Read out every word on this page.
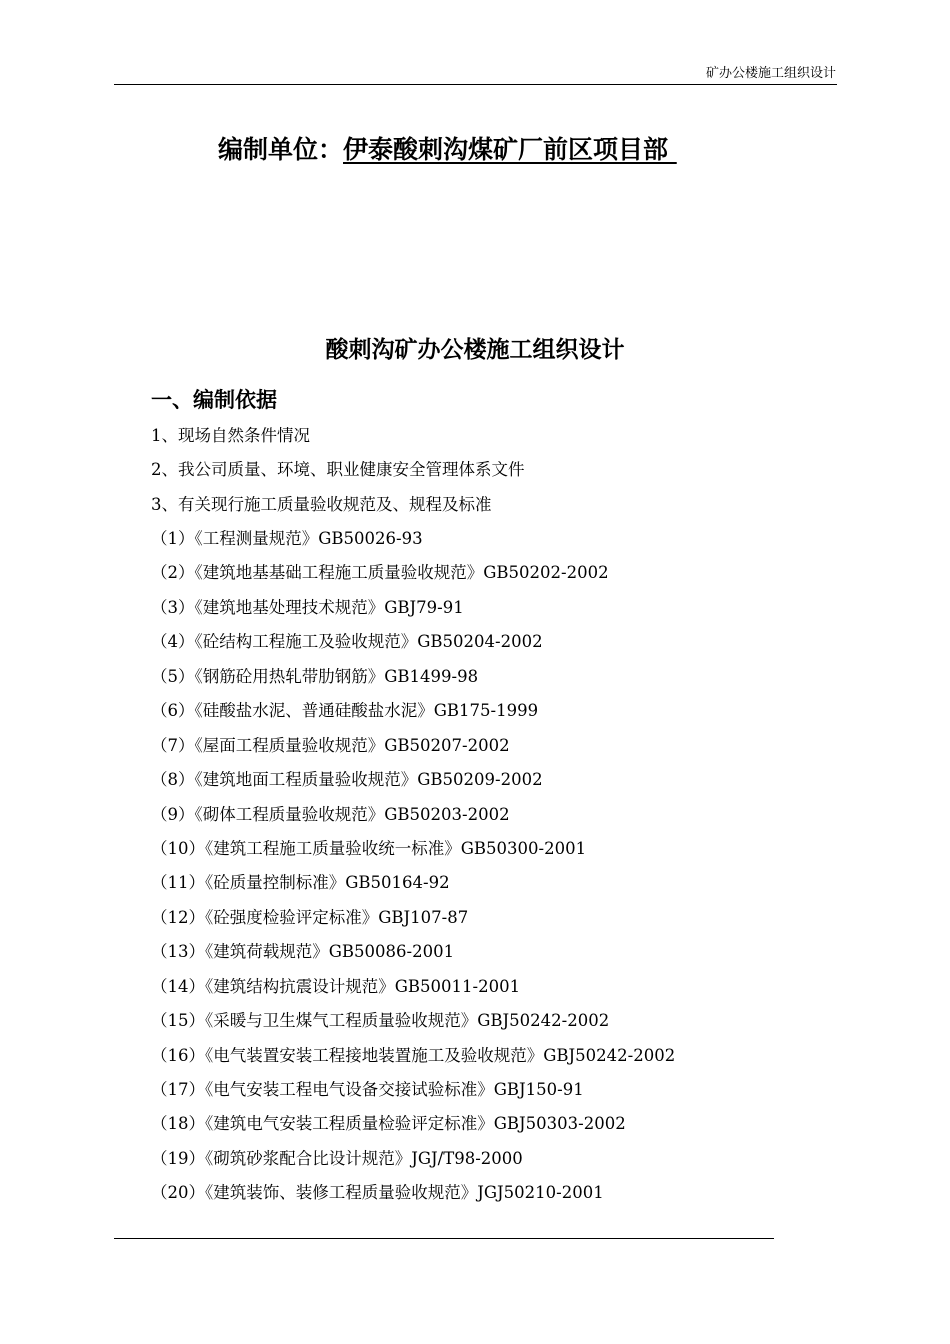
矿办公楼施工组织设计
编制单位：伊泰酸刺沟煤矿厂前区项目部
酸刺沟矿办公楼施工组织设计
一、编制依据
1、现场自然条件情况
2、我公司质量、环境、职业健康安全管理体系文件
3、有关现行施工质量验收规范及、规程及标准
（1）《工程测量规范》GB50026-93
（2）《建筑地基基础工程施工质量验收规范》GB50202-2002
（3）《建筑地基处理技术规范》GBJ79-91
（4）《砼结构工程施工及验收规范》GB50204-2002
（5）《钢筋砼用热轧带肋钢筋》GB1499-98
（6）《硅酸盐水泥、普通硅酸盐水泥》GB175-1999
（7）《屋面工程质量验收规范》GB50207-2002
（8）《建筑地面工程质量验收规范》GB50209-2002
（9）《砌体工程质量验收规范》GB50203-2002
（10）《建筑工程施工质量验收统一标准》GB50300-2001
（11）《砼质量控制标准》GB50164-92
（12）《砼强度检验评定标准》GBJ107-87
（13）《建筑荷载规范》GB50086-2001
（14）《建筑结构抗震设计规范》GB50011-2001
（15）《采暖与卫生煤气工程质量验收规范》GBJ50242-2002
（16）《电气装置安装工程接地装置施工及验收规范》GBJ50242-2002
（17）《电气安装工程电气设备交接试验标准》GBJ150-91
（18）《建筑电气安装工程质量检验评定标准》GBJ50303-2002
（19）《砌筑砂浆配合比设计规范》JGJ/T98-2000
（20）《建筑装饰、装修工程质量验收规范》JGJ50210-2001
